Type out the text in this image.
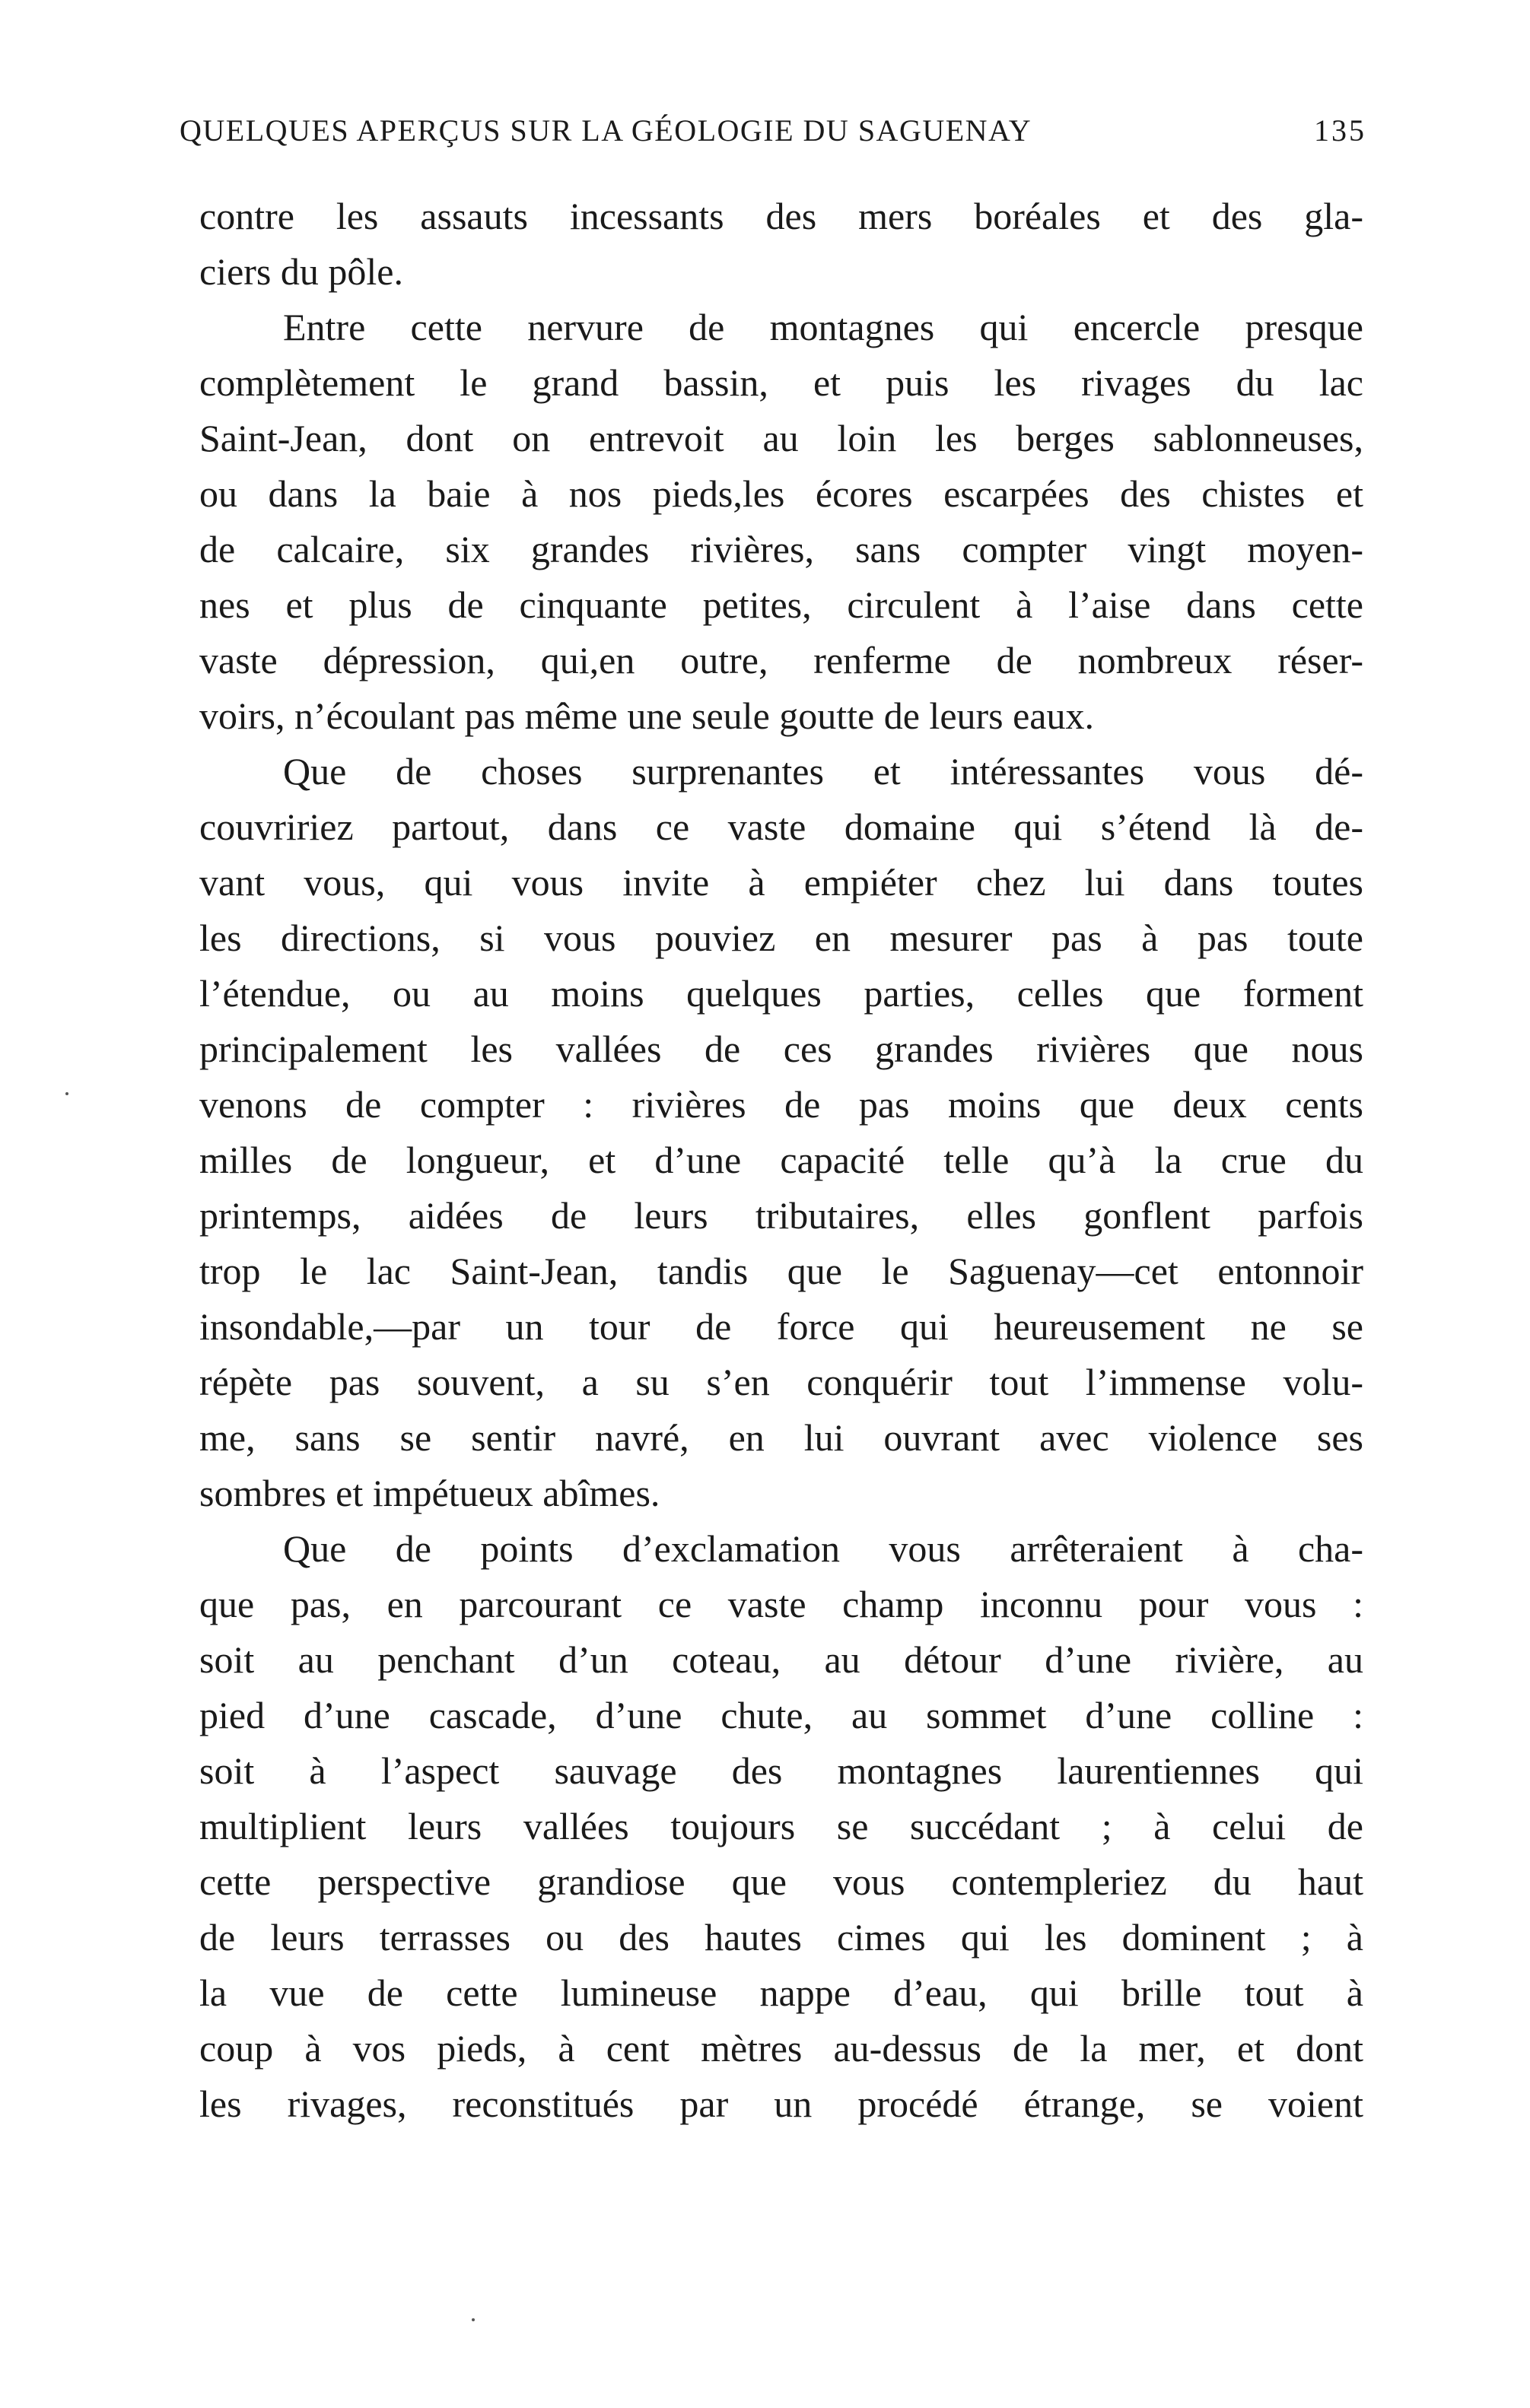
QUELQUES APERÇUS SUR LA GÉOLOGIE DU SAGUENAY	135
contre les assauts incessants des mers boréales et des gla-
ciers du pôle.
Entre cette nervure de montagnes qui encercle presque
complètement le grand bassin, et puis les rivages du lac
Saint-Jean, dont on entrevoit au loin les berges sablonneuses,
ou dans la baie à nos pieds,les écores escarpées des chistes et
de calcaire, six grandes rivières, sans compter vingt moyen-
nes et plus de cinquante petites, circulent à l’aise dans cette
vaste dépression, qui,en outre, renferme de nombreux réser-
voirs, n’écoulant pas même une seule goutte de leurs eaux.
Que de choses surprenantes et intéressantes vous dé-
couvririez partout, dans ce vaste domaine qui s’étend là de-
vant vous, qui vous invite à empiéter chez lui dans toutes
les directions, si vous pouviez en mesurer pas à pas toute
l’étendue, ou au moins quelques parties, celles que forment
principalement les vallées de ces grandes rivières que nous
venons de compter : rivières de pas moins que deux cents
milles de longueur, et d’une capacité telle qu’à la crue du
printemps, aidées de leurs tributaires, elles gonflent parfois
trop le lac Saint-Jean, tandis que le Saguenay—cet entonnoir
insondable,—par un tour de force qui heureusement ne se
répète pas souvent, a su s’en conquérir tout l’immense volu-
me, sans se sentir navré, en lui ouvrant avec violence ses
sombres et impétueux abîmes.
Que de points d’exclamation vous arrêteraient à cha-
que pas, en parcourant ce vaste champ inconnu pour vous :
soit au penchant d’un coteau, au détour d’une rivière, au
pied d’une cascade, d’une chute, au sommet d’une colline :
soit à l’aspect sauvage des montagnes laurentiennes qui
multiplient leurs vallées toujours se succédant ; à celui de
cette perspective grandiose que vous contempleriez du haut
de leurs terrasses ou des hautes cimes qui les dominent ; à
la vue de cette lumineuse nappe d’eau, qui brille tout à
coup à vos pieds, à cent mètres au-dessus de la mer, et dont
les rivages, reconstitués par un procédé étrange, se voient
